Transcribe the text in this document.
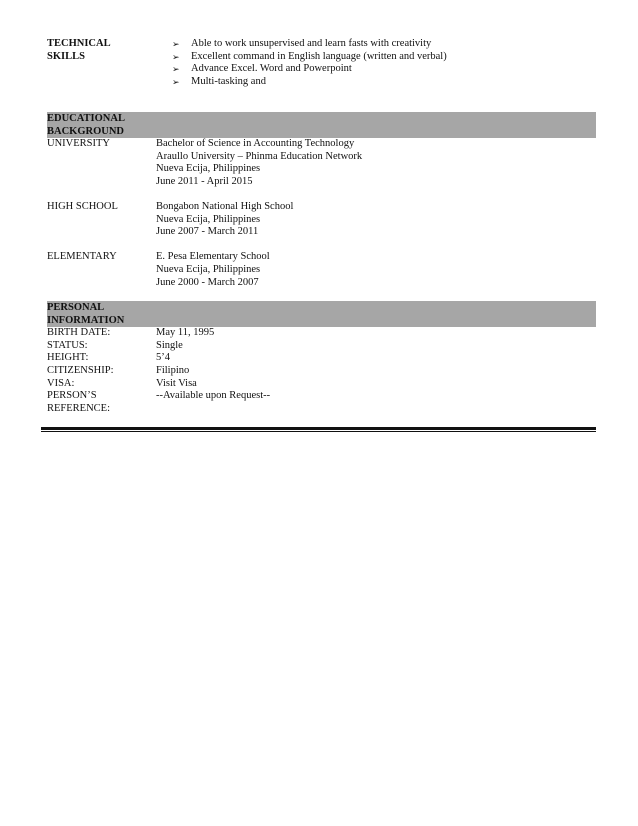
TECHNICAL
SKILLS
➢ Able to work unsupervised and learn fasts with creativity
➢ Excellent command in English language (written and verbal)
➢ Advance Excel. Word and Powerpoint
➢ Multi-tasking and
EDUCATIONAL
BACKGROUND
UNIVERSITY	Bachelor of Science in Accounting Technology
Araullo University – Phinma Education Network
Nueva Ecija, Philippines
June 2011 - April 2015
HIGH SCHOOL	Bongabon National High School
Nueva Ecija, Philippines
June 2007 - March 2011
ELEMENTARY	E. Pesa Elementary School
Nueva Ecija, Philippines
June 2000 - March 2007
PERSONAL
INFORMATION
BIRTH DATE:	May 11, 1995
STATUS:	Single
HEIGHT:	5’4
CITIZENSHIP:	Filipino
VISA:	Visit Visa
PERSON’S	--Available upon Request--
REFERENCE:
